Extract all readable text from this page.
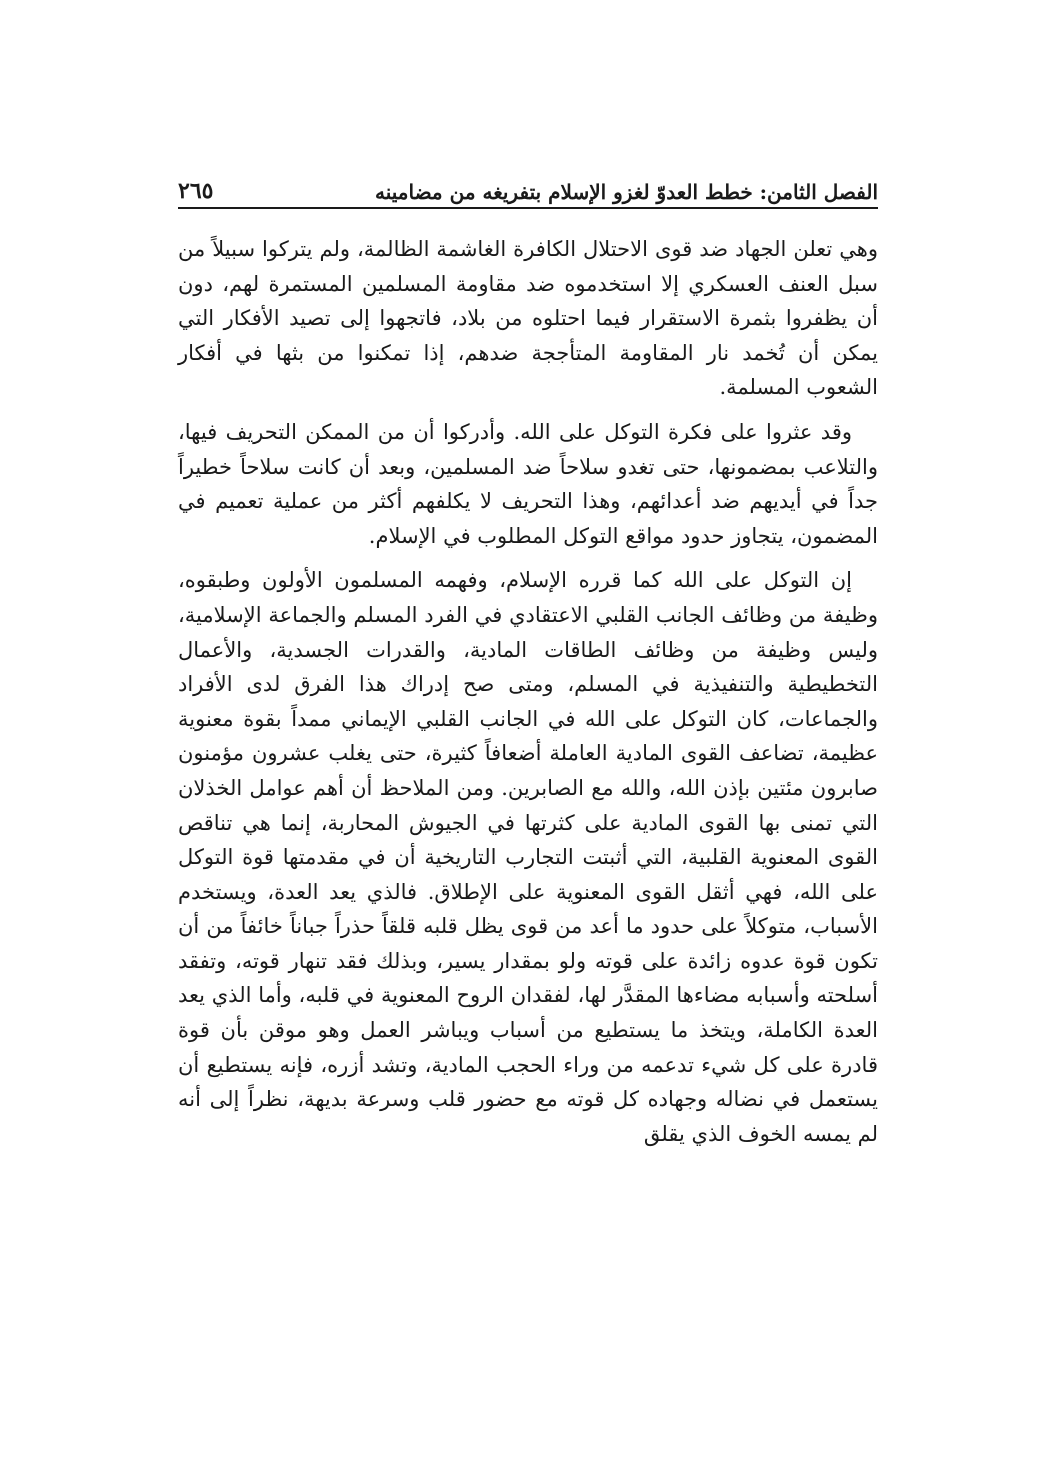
الفصل الثامن: خطط العدوّ لغزو الإسلام بتفريغه من مضامينه
٢٦٥

وهي تعلن الجهاد ضد قوى الاحتلال الكافرة الغاشمة الظالمة، ولم يتركوا سبيلاً من سبل العنف العسكري إلا استخدموه ضد مقاومة المسلمين المستمرة لهم، دون أن يظفروا بثمرة الاستقرار فيما احتلوه من بلاد، فاتجهوا إلى تصيد الأفكار التي يمكن أن تُخمد نار المقاومة المتأججة ضدهم، إذا تمكنوا من بثها في أفكار الشعوب المسلمة.

وقد عثروا على فكرة التوكل على الله. وأدركوا أن من الممكن التحريف فيها، والتلاعب بمضمونها، حتى تغدو سلاحاً ضد المسلمين، وبعد أن كانت سلاحاً خطيراً جداً في أيديهم ضد أعدائهم، وهذا التحريف لا يكلفهم أكثر من عملية تعميم في المضمون، يتجاوز حدود مواقع التوكل المطلوب في الإسلام.

إن التوكل على الله كما قرره الإسلام، وفهمه المسلمون الأولون وطبقوه، وظيفة من وظائف الجانب القلبي الاعتقادي في الفرد المسلم والجماعة الإسلامية، وليس وظيفة من وظائف الطاقات المادية، والقدرات الجسدية، والأعمال التخطيطية والتنفيذية في المسلم، ومتى صح إدراك هذا الفرق لدى الأفراد والجماعات، كان التوكل على الله في الجانب القلبي الإيماني ممداً بقوة معنوية عظيمة، تضاعف القوى المادية العاملة أضعافاً كثيرة، حتى يغلب عشرون مؤمنون صابرون مئتين بإذن الله، والله مع الصابرين. ومن الملاحظ أن أهم عوامل الخذلان التي تمنى بها القوى المادية على كثرتها في الجيوش المحاربة، إنما هي تناقص القوى المعنوية القلبية، التي أثبتت التجارب التاريخية أن في مقدمتها قوة التوكل على الله، فهي أثقل القوى المعنوية على الإطلاق. فالذي يعد العدة، ويستخدم الأسباب، متوكلاً على حدود ما أعد من قوى يظل قلبه قلقاً حذراً جباناً خائفاً من أن تكون قوة عدوه زائدة على قوته ولو بمقدار يسير، وبذلك فقد تنهار قوته، وتفقد أسلحته وأسبابه مضاءها المقدَّر لها، لفقدان الروح المعنوية في قلبه، وأما الذي يعد العدة الكاملة، ويتخذ ما يستطيع من أسباب ويباشر العمل وهو موقن بأن قوة قادرة على كل شيء تدعمه من وراء الحجب المادية، وتشد أزره، فإنه يستطيع أن يستعمل في نضاله وجهاده كل قوته مع حضور قلب وسرعة بديهة، نظراً إلى أنه لم يمسه الخوف الذي يقلق
